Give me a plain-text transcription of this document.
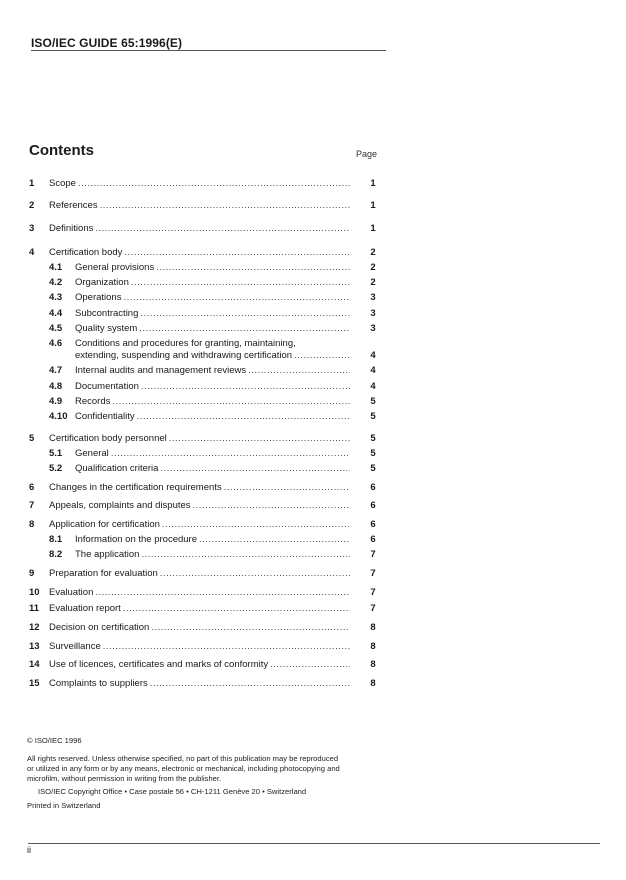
ISO/IEC GUIDE 65:1996(E)
Contents	Page
1 Scope .....	1
2 References .....	1
3 Definitions .....	1
4 Certification body .....	2
4.1 General provisions .....	2
4.2 Organization .....	2
4.3 Operations .....	3
4.4 Subcontracting .....	3
4.5 Quality system .....	3
4.6 Conditions and procedures for granting, maintaining,
extending, suspending and withdrawing certification .....	4
4.7 Internal audits and management reviews .....	4
4.8 Documentation .....	4
4.9 Records .....	5
4.10 Confidentiality .....	5
5 Certification body personnel .....	5
5.1 General .....	5
5.2 Qualification criteria .....	5
6 Changes in the certification requirements .....	6
7 Appeals, complaints and disputes .....	6
8 Application for certification .....	6
8.1 Information on the procedure .....	6
8.2 The application .....	7
9 Preparation for evaluation .....	7
10 Evaluation .....	7
11 Evaluation report .....	7
12 Decision on certification .....	8
13 Surveillance .....	8
14 Use of licences, certificates and marks of conformity .....	8
15 Complaints to suppliers .....	8
© ISO/IEC 1996
All rights reserved. Unless otherwise specified, no part of this publication may be reproduced
or utilized in any form or by any means, electronic or mechanical, including photocopying and
microfilm, without permission in writing from the publisher.
ISO/IEC Copyright Office • Case postale 56 • CH-1211 Genève 20 • Switzerland
Printed in Switzerland
ii
